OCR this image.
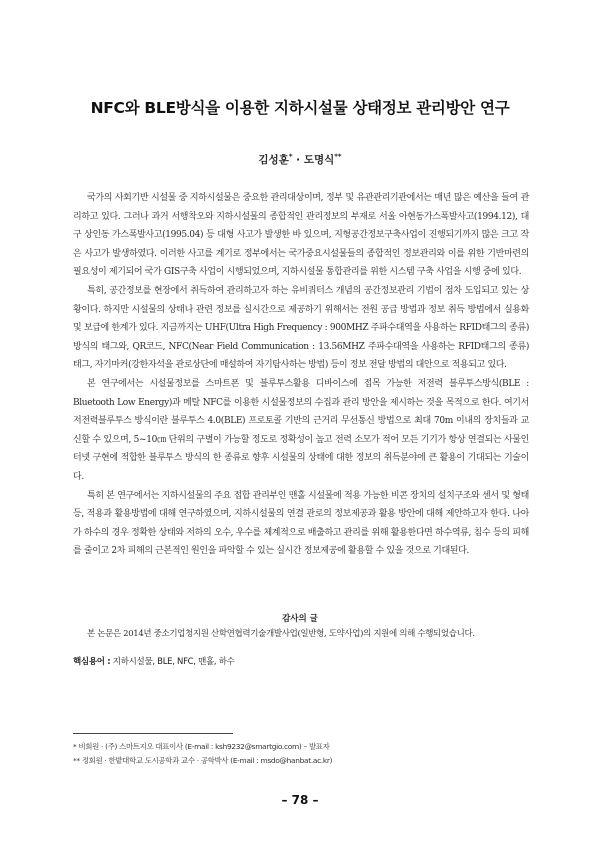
NFC와 BLE방식을 이용한 지하시설물 상태정보 관리방안 연구
김성훈* · 도명식**

국가의 사회기반 시설물 중 지하시설물은 중요한 관리대상이며, 정부 및 유관관리기관에서는 매년 많은 예산을 들여 관리하고 있다. 그러나 과거 서행착오와 지하시설물의 종합적인 관리정보의 부재로 서울 아현동가스폭발사고(1994.12), 대구 상인동 가스폭발사고(1995.04) 등 대형 사고가 발생한 바 있으며, 지형공간정보구축사업이 진행되기까지 많은 크고 작은 사고가 발생하였다. 이러한 사고를 계기로 정부에서는 국가중요시설물들의 종합적인 정보관리와 이를 위한 기반마련의 필요성이 제기되어 국가 GIS구축 사업이 시행되었으며, 지하시설물 통합관리를 위한 시스템 구축 사업을 시행 중에 있다.

특히, 공간정보를 현장에서 취득하여 관리하고자 하는 유비쿼터스 개념의 공간정보관리 기법이 점차 도입되고 있는 상황이다. 하지만 시설물의 상태나 관련 정보를 실시간으로 제공하기 위해서는 전원 공급 방법과 정보 취득 방법에서 실용화 및 보급에 한계가 있다. 지금까지는 UHF(Ultra High Frequency : 900MHZ 주파수대역을 사용하는 RFID태그의 종류)방식의 태그와, QR코드, NFC(Near Field Communication : 13.56MHZ 주파수대역을 사용하는 RFID태그의 종류) 태그, 자기마커(강한자석을 관로상단에 매설하여 자기탐사하는 방법) 등이 정보 전달 방법의 대안으로 적용되고 있다.

본 연구에서는 시설물정보를 스마트폰 및 블루투스활용 디바이스에 접목 가능한 저전력 블루투스방식(BLE : Bluetooth Low Energy)과 메탈 NFC를 이용한 시설물정보의 수집과 관리 방안을 제시하는 것을 목적으로 한다. 여기서 저전력블루투스 방식이란 블루투스 4.0(BLE) 프로토콜 기반의 근거리 무선통신 방법으로 최대 70m 이내의 장치들과 교신할 수 있으며, 5~10㎝ 단위의 구별이 가능할 정도로 정확성이 높고 전력 소모가 적어 모든 기기가 항상 연결되는 사물인터넷 구현에 적합한 블루투스 방식의 한 종류로 향후 시설물의 상태에 대한 정보의 취득분야에 큰 활용이 기대되는 기술이다.

특히 본 연구에서는 지하시설물의 주요 접합 관리부인 맨홀 시설물에 적용 가능한 비콘 장치의 설치구조와 센서 및 형태 등, 적용과 활용방법에 대해 연구하였으며, 지하시설물의 연결 관로의 정보제공과 활용 방안에 대해 제안하고자 한다. 나아가 하수의 경우 정확한 상태와 저하의 오수, 우수를 체계적으로 배출하고 관리를 위해 활용한다면 하수역류, 침수 등의 피해를 줄이고 2차 피해의 근본적인 원인을 파악할 수 있는 실시간 정보제공에 활용할 수 있을 것으로 기대된다.

감사의 글
본 논문은 2014년 중소기업청지원 산학연협력기술개발사업(일반형, 도약사업)의 지원에 의해 수행되었습니다.
핵심용어 : 지하시설물, BLE, NFC, 맨홀, 하수
* 비회원 · (주) 스마트지오 대표이사 (E-mail : ksh9232@smartgio.com) – 발표자
** 정회원 · 한밭대학교 도시공학과 교수 · 공학박사 (E-mail : msdo@hanbat.ac.kr)
– 78 –
